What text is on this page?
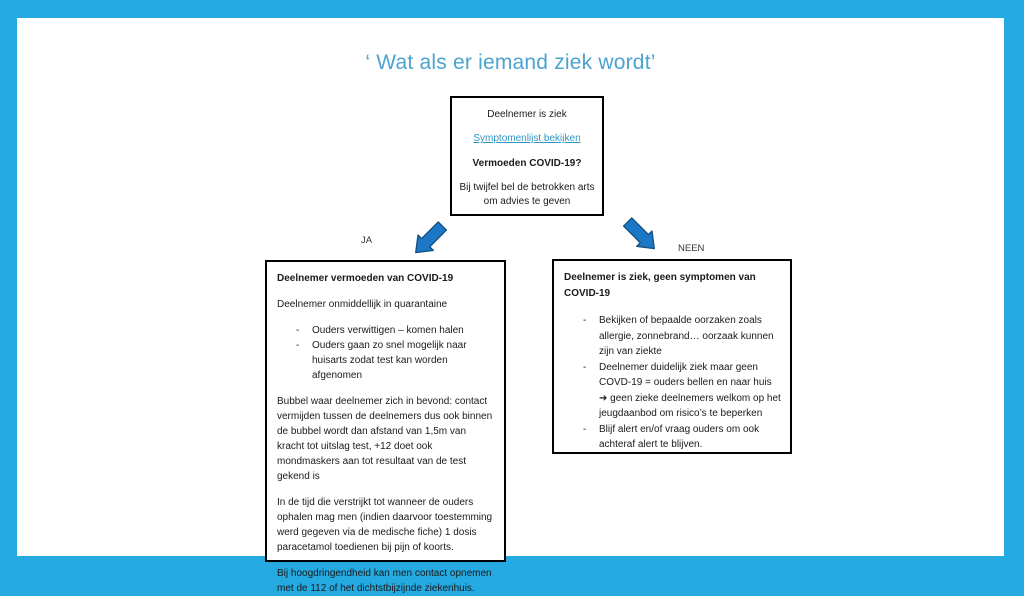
‘ Wat als er iemand ziek wordt’
Deelnemer is ziek
Symptomenlijst bekijken
Vermoeden COVID-19?
Bij twijfel bel de betrokken arts om advies te geven
JA
NEEN
Deelnemer vermoeden van COVID-19
Deelnemer onmiddellijk in quarantaine
-	Ouders verwittigen – komen halen
-	Ouders gaan zo snel mogelijk naar huisarts zodat test kan worden afgenomen
Bubbel waar deelnemer zich in bevond: contact vermijden tussen de deelnemers dus ook binnen de bubbel wordt dan afstand van 1,5m van kracht tot uitslag test, +12 doet ook mondmaskers aan tot resultaat van de test gekend is
In de tijd die verstrijkt tot wanneer de ouders ophalen mag men (indien daarvoor toestemming werd gegeven via de medische fiche) 1 dosis paracetamol toedienen bij pijn of koorts.
Bij hoogdringendheid kan men contact opnemen met de 112 of het dichtstbijzijnde ziekenhuis.
Deelnemer is ziek, geen symptomen van COVID-19
-	Bekijken of bepaalde oorzaken zoals allergie, zonnebrand… oorzaak kunnen zijn van ziekte
-	Deelnemer duidelijk ziek maar geen COVD-19 = ouders bellen en naar huis ➔ geen zieke deelnemers welkom op het jeugdaanbod om risico’s te beperken
-	Blijf alert en/of vraag ouders om ook achteraf alert te blijven.
